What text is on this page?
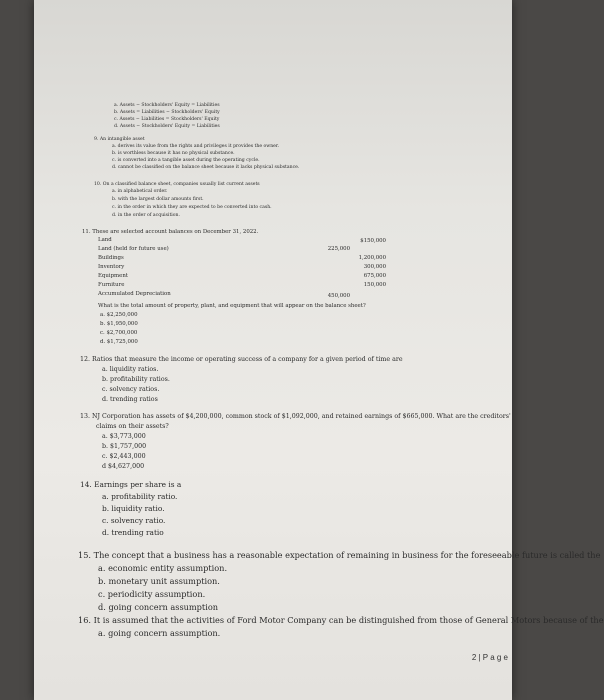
a. Assets − Stockholders' Equity = Liabilities
b. Assets = Liabilities − Stockholders' Equity
c. Assets − Liabilities = Stockholders' Equity
d. Assets − Stockholders' Equity = Liabilities
9. An intangible asset
a. derives its value from the rights and privileges it provides the owner.
b. is worthless because it has no physical substance.
c. is converted into a tangible asset during the operating cycle.
d. cannot be classified on the balance sheet because it lacks physical substance.
10. On a classified balance sheet, companies usually list current assets
a. in alphabetical order.
b. with the largest dollar amounts first.
c. in the order in which they are expected to be converted into cash.
d. in the order of acquisition.
11. These are selected account balances on December 31, 2022.
Land
Land (held for future use)
Buildings
Inventory
Equipment
Furniture
Accumulated Depreciation
225,000
450,000
$150,000
1,200,000
300,000
675,000
150,000
What is the total amount of property, plant, and equipment that will appear on the balance sheet?
a. $2,250,000
b. $1,950,000
c. $2,700,000
d. $1,725,000
12. Ratios that measure the income or operating success of a company for a given period of time are
a. liquidity ratios.
b. profitability ratios.
c. solvency ratios.
d. trending ratios
13. NJ Corporation has assets of $4,200,000, common stock of $1,092,000, and retained earnings of $665,000. What are the creditors'
claims on their assets?
a. $3,773,000
b. $1,757,000
c. $2,443,000
d $4,627,000
14. Earnings per share is a
a. profitability ratio.
b. liquidity ratio.
c. solvency ratio.
d. trending ratio
15. The concept that a business has a reasonable expectation of remaining in business for the foreseeable future is called the
a. economic entity assumption.
b. monetary unit assumption.
c. periodicity assumption.
d. going concern assumption
16. It is assumed that the activities of Ford Motor Company can be distinguished from those of General Motors because of the
a. going concern assumption.
2 | P a g e
